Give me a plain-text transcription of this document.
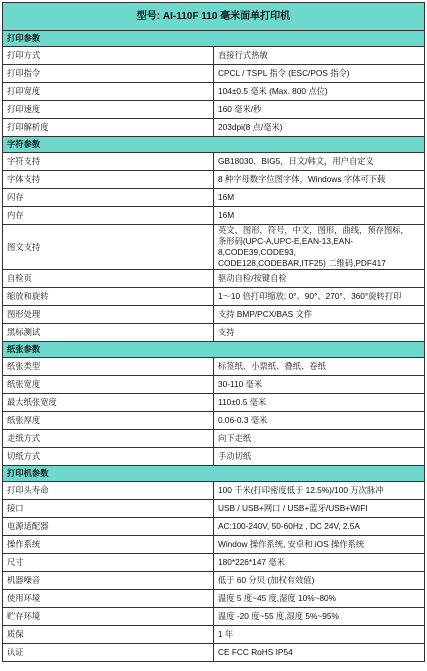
型号: AI-110F 110 毫米面单打印机	
打印参数	
打印方式	直接行式热敏
打印指令	CPCL / TSPL 指令 (ESC/POS 指令)
打印宽度	104±0.5 毫米 (Max. 800 点位)
打印速度	160 毫米/秒
打印解析度	203dpi(8 点/毫米)
字符参数	
字符支持	GB18030、BIG5，日文/韩文，用户自定义
字体支持	8 种字母数字位图字体，Windows 字体可下载
闪存	16M
内存	16M
图文支持	英文，图形，符号，中文，图形，曲线，预存图标，
条形码(UPC-A,UPC-E,EAN-13,EAN-8,CODE39,CODE93,
CODE128,CODEBAR,ITF25) 二维码,PDF417
自检页	驱动自检/按键自检
缩放和旋转	1～10 倍打印缩放; 0°、90°、270°、360°旋转打印
图形处理	支持 BMP/PCX/BAS 文件
黑标测试	支持
纸张参数	
纸张类型	标签纸、小票纸、叠纸、卷纸
纸张宽度	30-110 毫米
最大纸张宽度	110±0.5 毫米
纸张厚度	0.06-0.3 毫米
走纸方式	向下走纸
切纸方式	手动切纸
打印机参数	
打印头寿命	100 千米(打印密度低于 12.5%)/100 万次脉冲
接口	USB / USB+网口 / USB+蓝牙/USB+WIFI
电源适配器	AC:100-240V, 50-60Hz , DC 24V, 2.5A
操作系统	Window 操作系统, 安卓和 iOS 操作系统
尺寸	180*226*147 毫米
机器噪音	低于 60 分贝 (加权有效值)
使用环境	温度 5 度~45 度,湿度 10%~80%
贮存环境	温度 -20 度~55 度,湿度 5%~95%
质保	1 年
认证	CE FCC RoHS IP54
